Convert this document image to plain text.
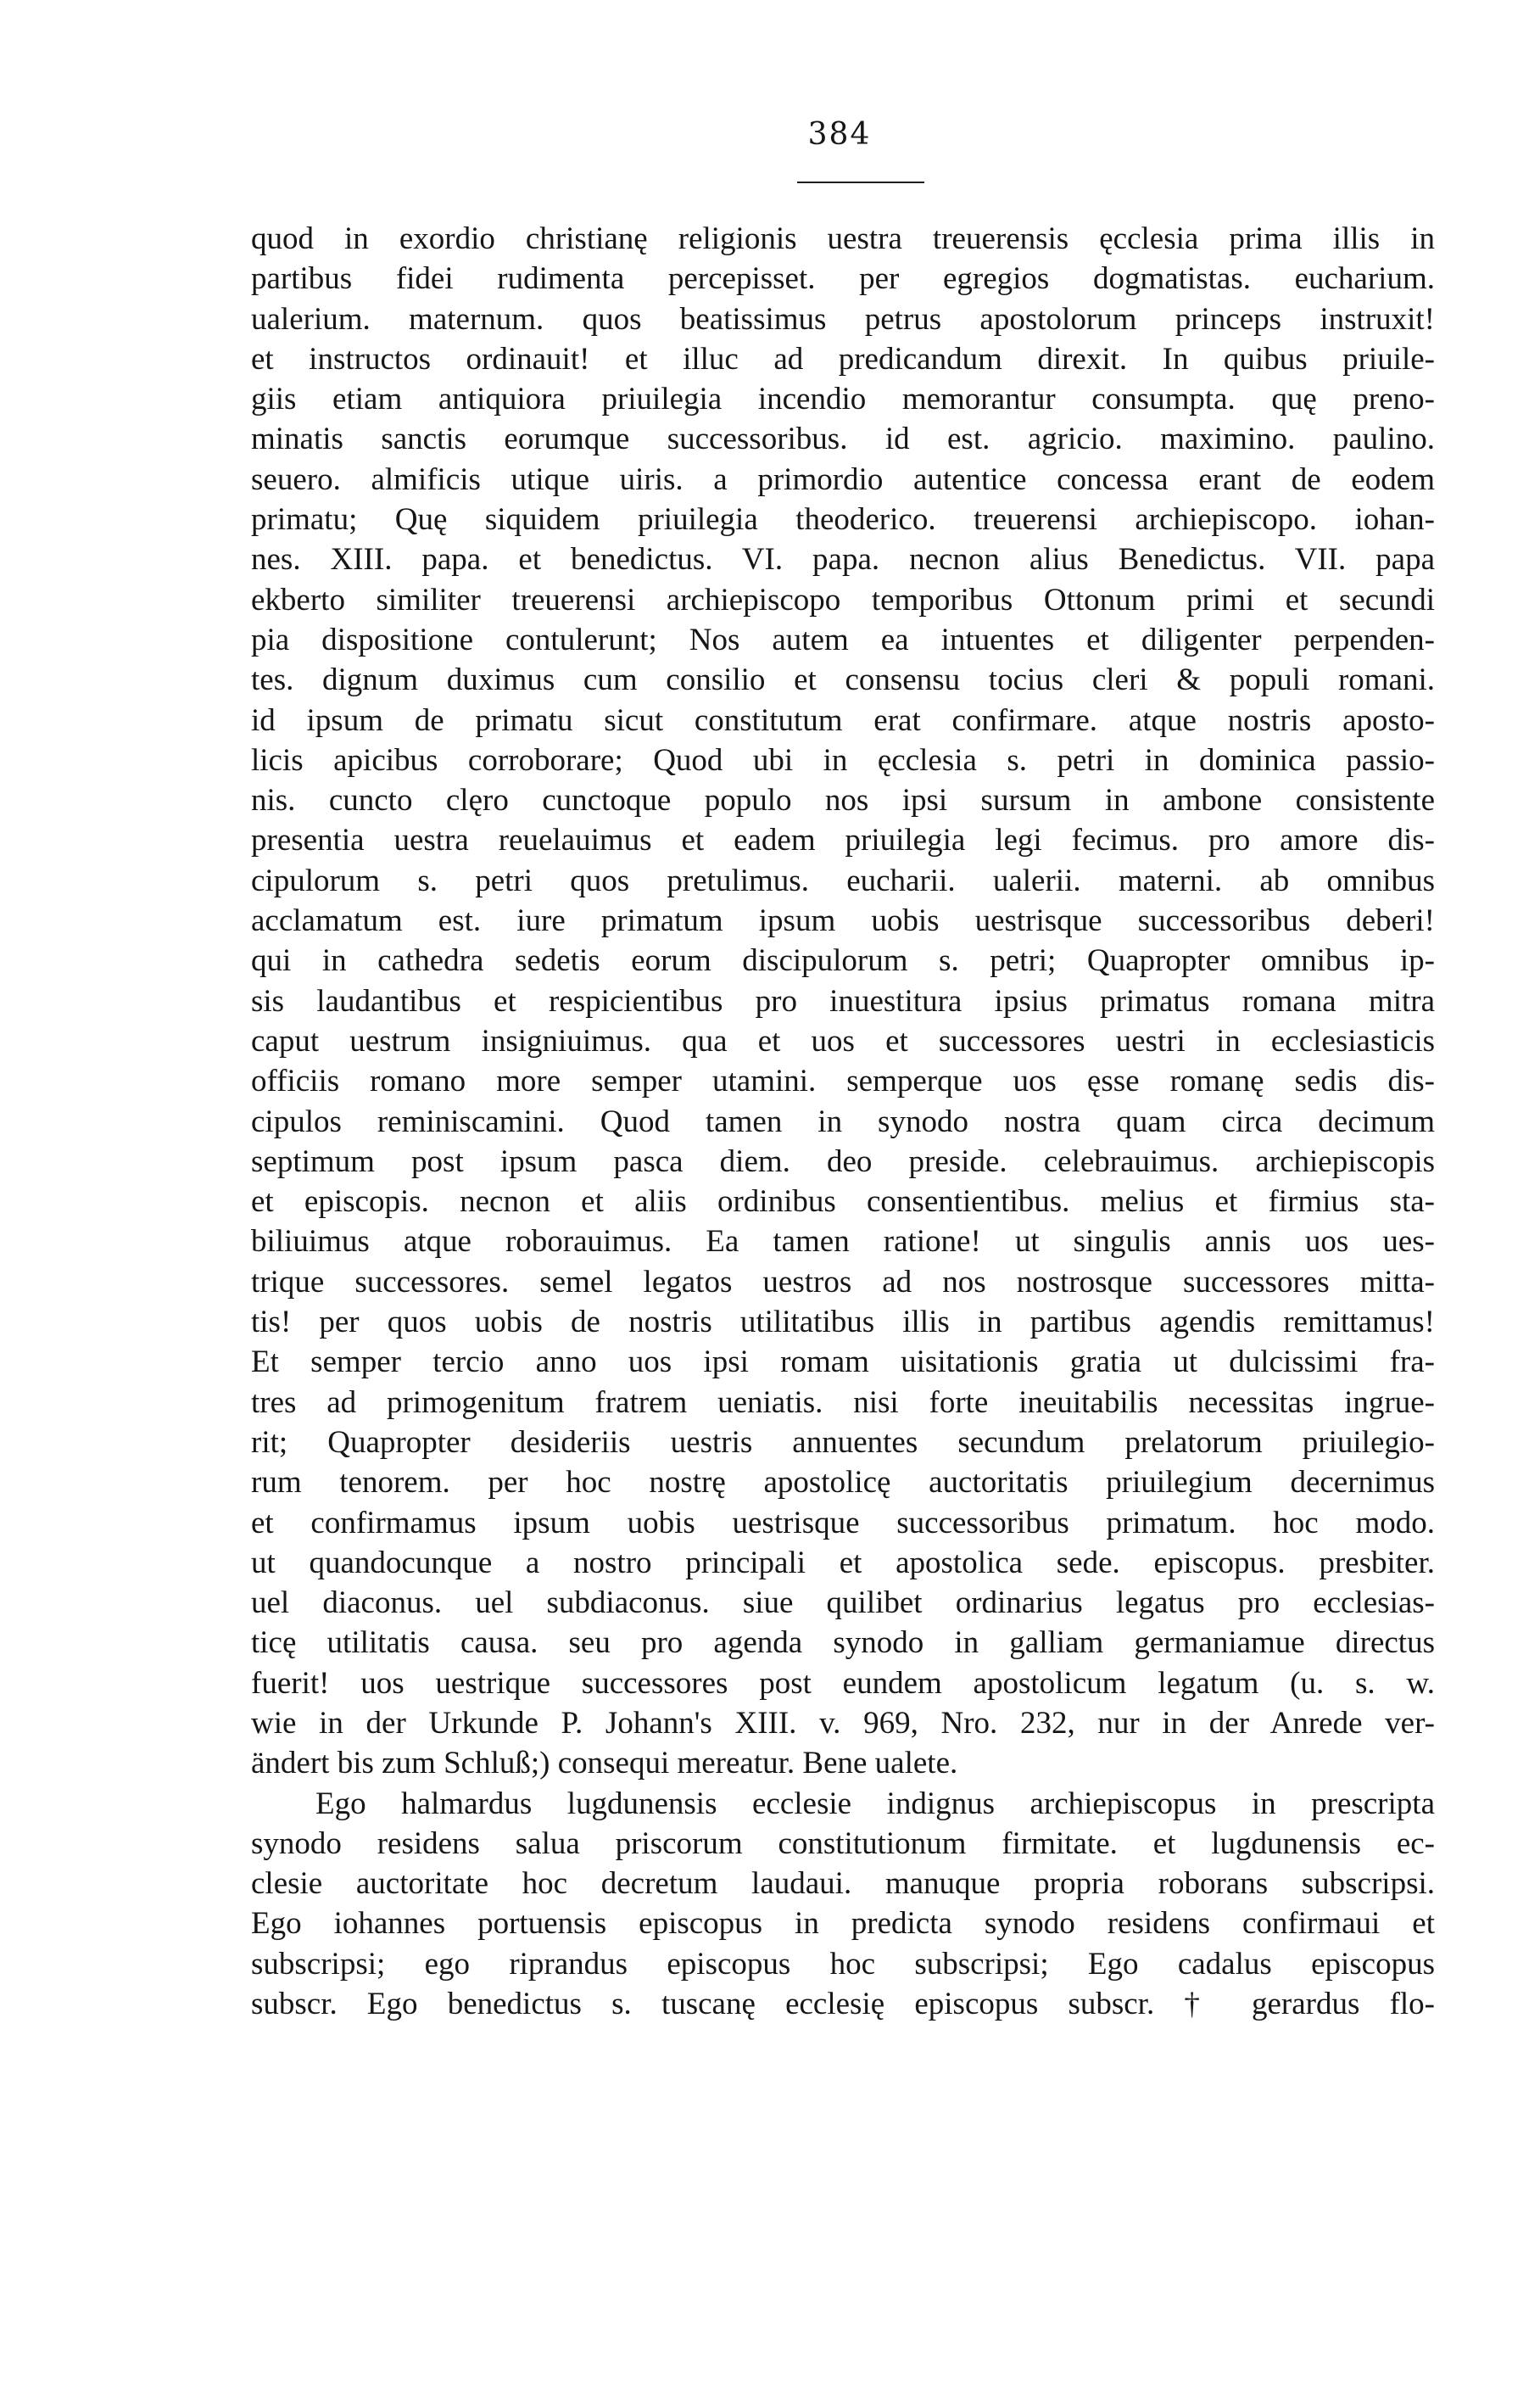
384
quod in exordio christianę religionis uestra treuerensis ęcclesia prima illis in
partibus fidei rudimenta percepisset. per egregios dogmatistas. eucharium.
ualerium. maternum. quos beatissimus petrus apostolorum princeps instruxit!
et instructos ordinauit! et illuc ad predicandum direxit. In quibus priuile-
giis etiam antiquiora priuilegia incendio memorantur consumpta. quę preno-
minatis sanctis eorumque successoribus. id est. agricio. maximino. paulino.
seuero. almificis utique uiris. a primordio autentice concessa erant de eodem
primatu; Quę siquidem priuilegia theoderico. treuerensi archiepiscopo. iohan-
nes. XIII. papa. et benedictus. VI. papa. necnon alius Benedictus. VII. papa
ekberto similiter treuerensi archiepiscopo temporibus Ottonum primi et secundi
pia dispositione contulerunt; Nos autem ea intuentes et diligenter perpenden-
tes. dignum duximus cum consilio et consensu tocius cleri & populi romani.
id ipsum de primatu sicut constitutum erat confirmare. atque nostris aposto-
licis apicibus corroborare; Quod ubi in ęcclesia s. petri in dominica passio-
nis. cuncto clęro cunctoque populo nos ipsi sursum in ambone consistente
presentia uestra reuelauimus et eadem priuilegia legi fecimus. pro amore dis-
cipulorum s. petri quos pretulimus. eucharii. ualerii. materni. ab omnibus
acclamatum est. iure primatum ipsum uobis uestrisque successoribus deberi!
qui in cathedra sedetis eorum discipulorum s. petri; Quapropter omnibus ip-
sis laudantibus et respicientibus pro inuestitura ipsius primatus romana mitra
caput uestrum insigniuimus. qua et uos et successores uestri in ecclesiasticis
officiis romano more semper utamini. semperque uos ęsse romanę sedis dis-
cipulos reminiscamini. Quod tamen in synodo nostra quam circa decimum
septimum post ipsum pasca diem. deo preside. celebrauimus. archiepiscopis
et episcopis. necnon et aliis ordinibus consentientibus. melius et firmius sta-
biliuimus atque roborauimus. Ea tamen ratione! ut singulis annis uos ues-
trique successores. semel legatos uestros ad nos nostrosque successores mitta-
tis! per quos uobis de nostris utilitatibus illis in partibus agendis remittamus!
Et semper tercio anno uos ipsi romam uisitationis gratia ut dulcissimi fra-
tres ad primogenitum fratrem ueniatis. nisi forte ineuitabilis necessitas ingrue-
rit; Quapropter desideriis uestris annuentes secundum prelatorum priuilegio-
rum tenorem. per hoc nostrę apostolicę auctoritatis priuilegium decernimus
et confirmamus ipsum uobis uestrisque successoribus primatum. hoc modo.
ut quandocunque a nostro principali et apostolica sede. episcopus. presbiter.
uel diaconus. uel subdiaconus. siue quilibet ordinarius legatus pro ecclesias-
ticę utilitatis causa. seu pro agenda synodo in galliam germaniamue directus
fuerit! uos uestrique successores post eundem apostolicum legatum (u. s. w.
wie in der Urkunde P. Johann's XIII. v. 969, Nro. 232, nur in der Anrede ver-
ändert bis zum Schluß;) consequi mereatur. Bene ualete.
Ego halmardus lugdunensis ecclesie indignus archiepiscopus in prescripta
synodo residens salua priscorum constitutionum firmitate. et lugdunensis ec-
clesie auctoritate hoc decretum laudaui. manuque propria roborans subscripsi.
Ego iohannes portuensis episcopus in predicta synodo residens confirmaui et
subscripsi; ego riprandus episcopus hoc subscripsi; Ego cadalus episcopus
subscr. Ego benedictus s. tuscanę ecclesię episcopus subscr. † gerardus flo-
